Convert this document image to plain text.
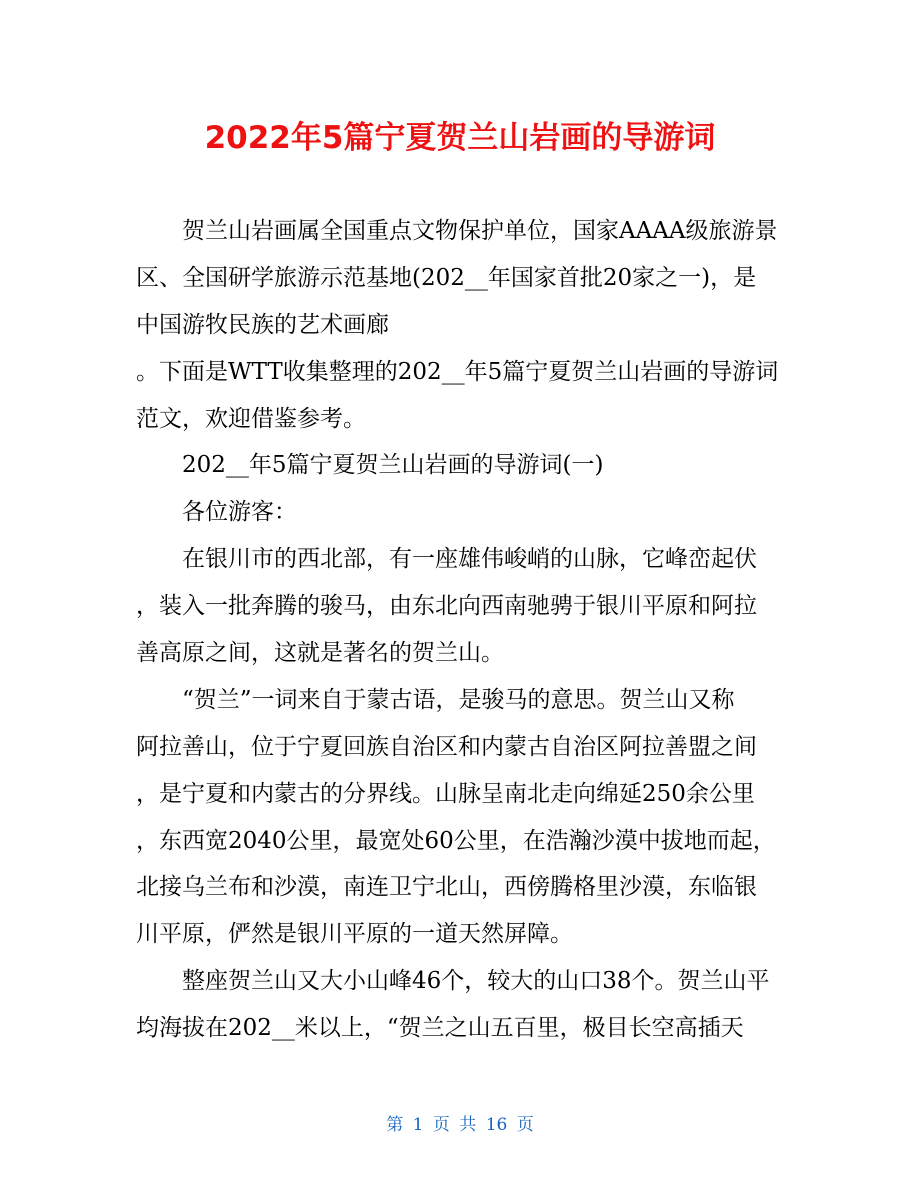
2022年5篇宁夏贺兰山岩画的导游词
贺兰山岩画属全国重点文物保护单位，国家AAAA级旅游景
区、全国研学旅游示范基地(202__年国家首批20家之一)，是
中国游牧民族的艺术画廊
。下面是WTT收集整理的202__年5篇宁夏贺兰山岩画的导游词
范文，欢迎借鉴参考。
202__年5篇宁夏贺兰山岩画的导游词(一)
各位游客：
在银川市的西北部，有一座雄伟峻峭的山脉，它峰峦起伏
，装入一批奔腾的骏马，由东北向西南驰骋于银川平原和阿拉
善高原之间，这就是著名的贺兰山。
“贺兰”一词来自于蒙古语，是骏马的意思。贺兰山又称
阿拉善山，位于宁夏回族自治区和内蒙古自治区阿拉善盟之间
，是宁夏和内蒙古的分界线。山脉呈南北走向绵延250余公里
，东西宽2040公里，最宽处60公里，在浩瀚沙漠中拔地而起，
北接乌兰布和沙漠，南连卫宁北山，西傍腾格里沙漠，东临银
川平原，俨然是银川平原的一道天然屏障。
整座贺兰山又大小山峰46个，较大的山口38个。贺兰山平
均海拔在202__米以上，“贺兰之山五百里，极目长空高插天
第 1 页 共 16 页
